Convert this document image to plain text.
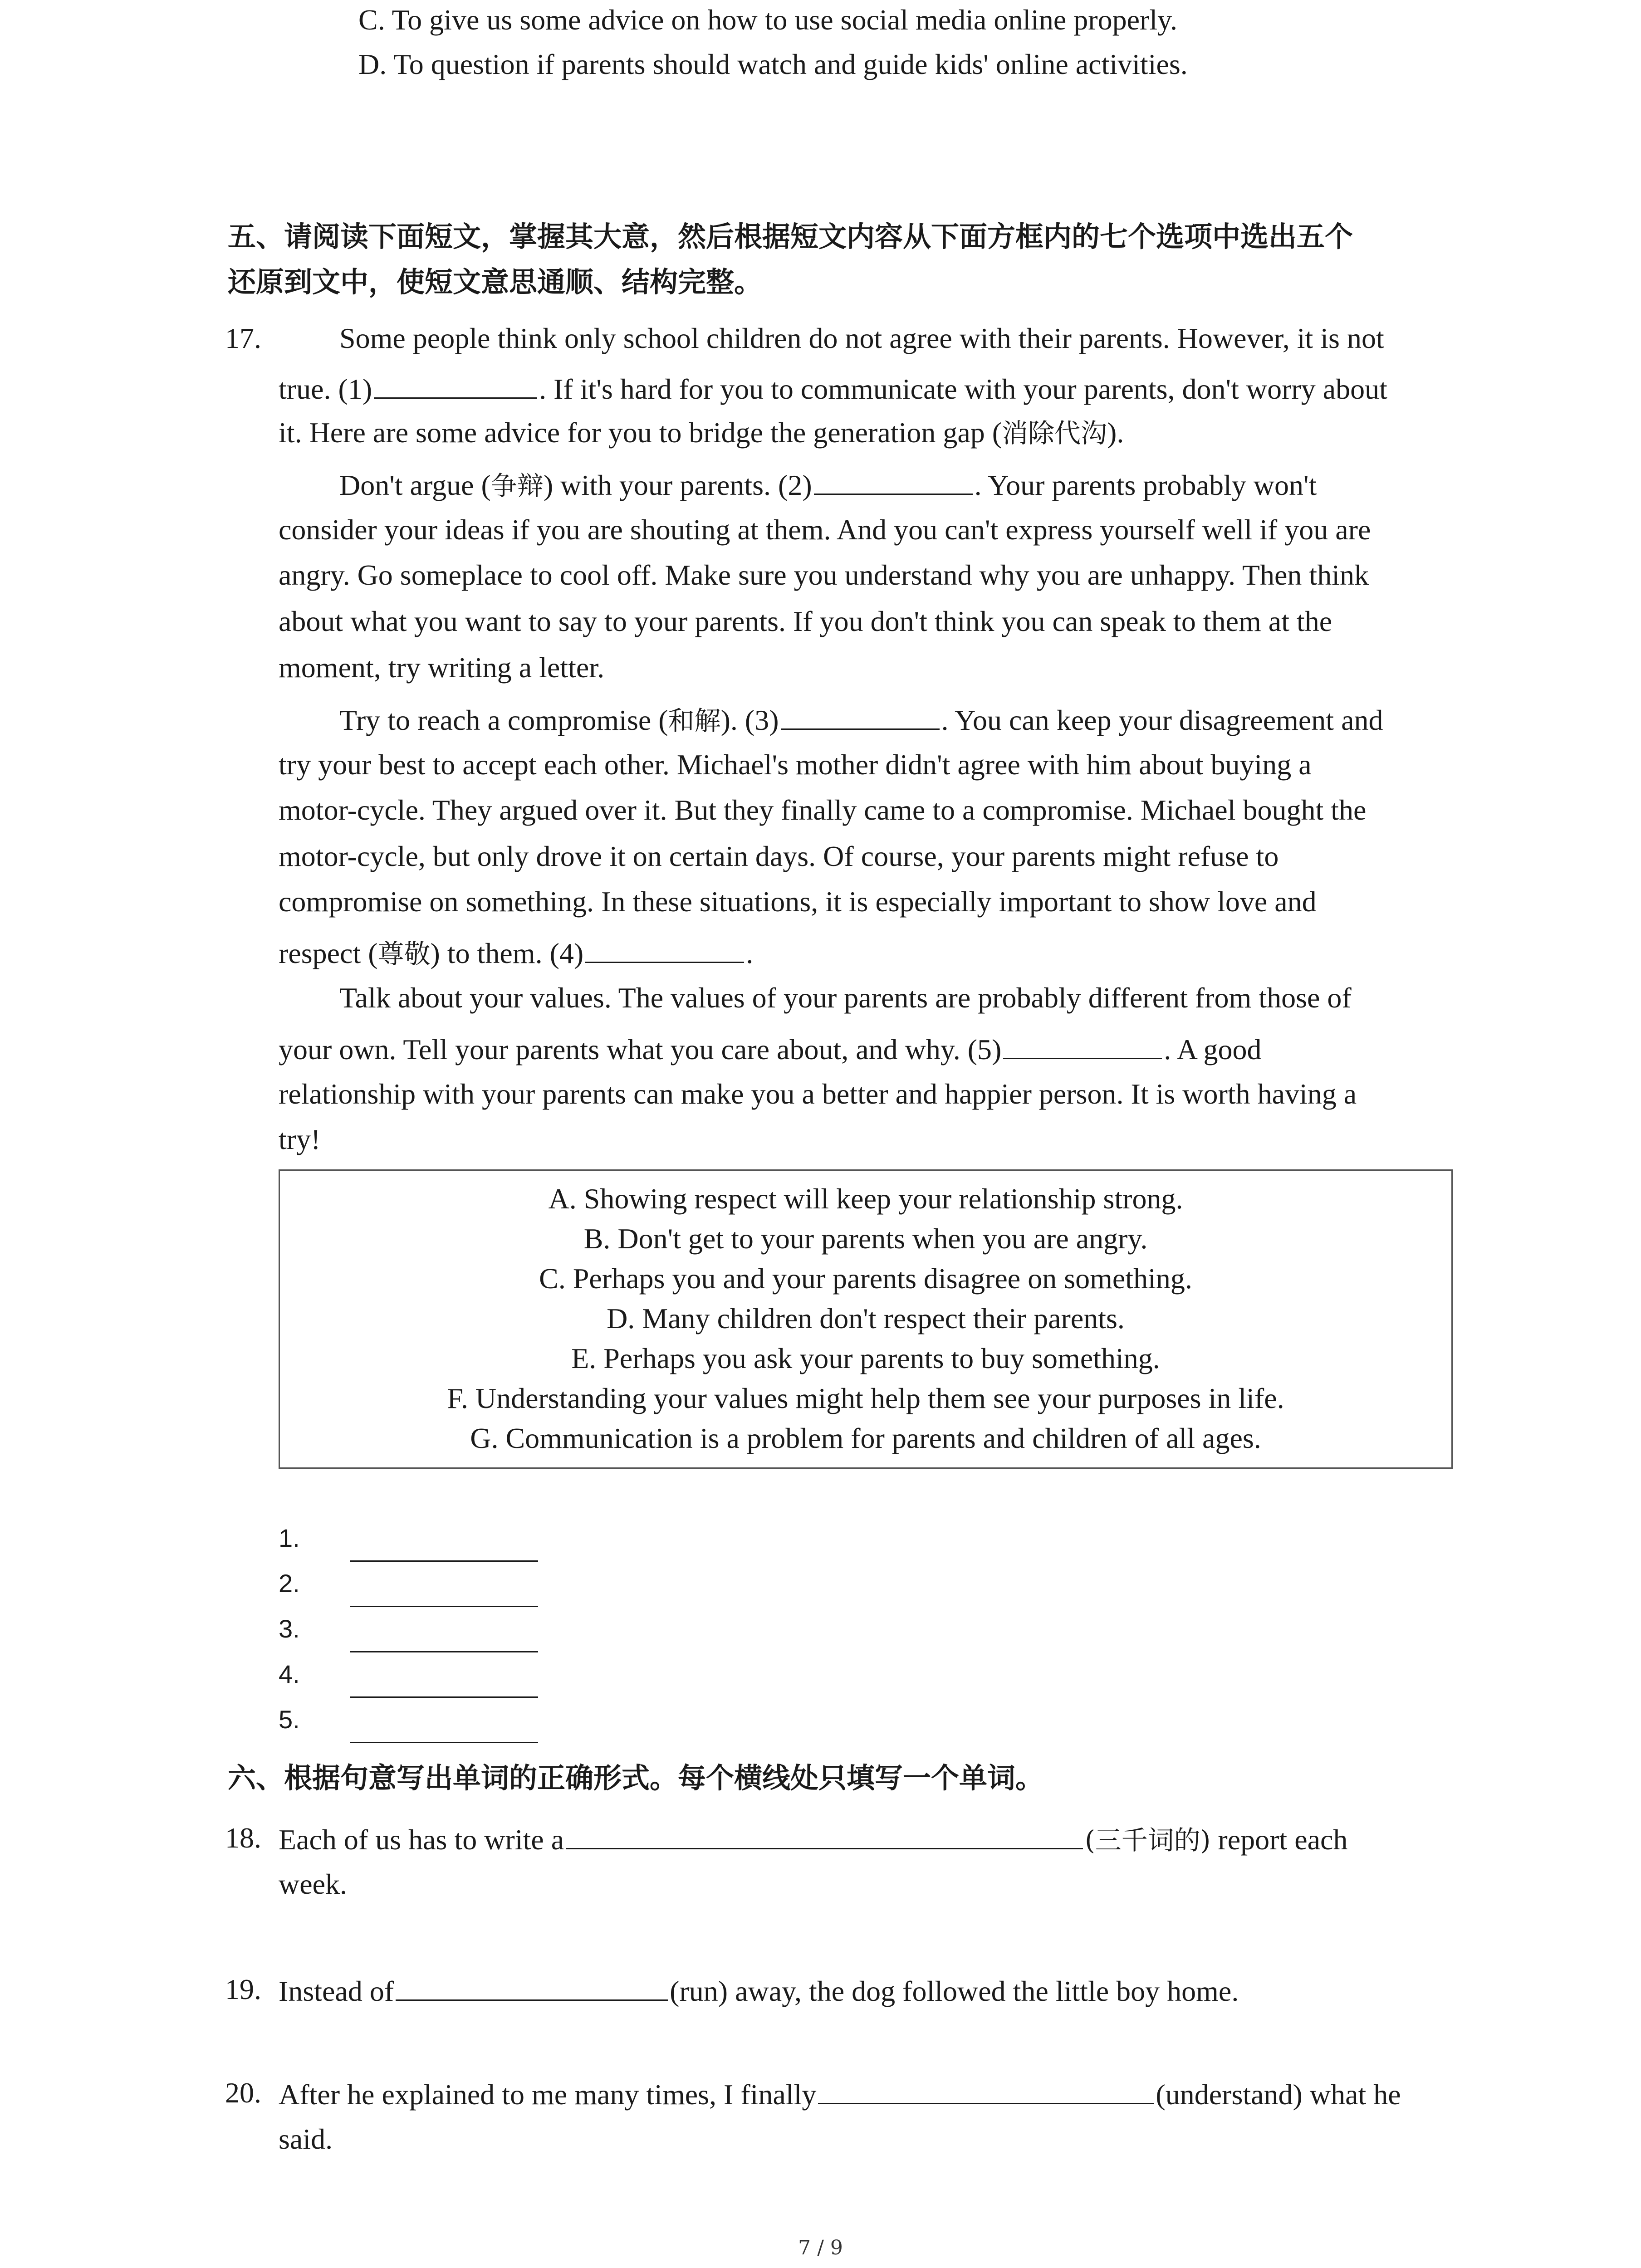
C. To give us some advice on how to use social media online properly.
D. To question if parents should watch and guide kids' online activities.
五、请阅读下面短文，掌握其大意，然后根据短文内容从下面方框内的七个选项中选出五个
还原到文中，使短文意思通顺、结构完整。
17.	Some people think only school children do not agree with their parents. However, it is not
true. (1)	. If it's hard for you to communicate with your parents, don't worry about
it. Here are some advice for you to bridge the generation gap (消除代沟).
Don't argue (争辩) with your parents. (2)	. Your parents probably won't
consider your ideas if you are shouting at them. And you can't express yourself well if you are
angry. Go someplace to cool off. Make sure you understand why you are unhappy. Then think
about what you want to say to your parents. If you don't think you can speak to them at the
moment, try writing a letter.
Try to reach a compromise (和解). (3)	. You can keep your disagreement and
try your best to accept each other. Michael's mother didn't agree with him about buying a
motor-cycle. They argued over it. But they finally came to a compromise. Michael bought the
motor-cycle, but only drove it on certain days. Of course, your parents might refuse to
compromise on something. In these situations, it is especially important to show love and
respect (尊敬) to them. (4)	.
Talk about your values. The values of your parents are probably different from those of
your own. Tell your parents what you care about, and why. (5)	. A good
relationship with your parents can make you a better and happier person. It is worth having a
try!
A. Showing respect will keep your relationship strong.
B. Don't get to your parents when you are angry.
C. Perhaps you and your parents disagree on something.
D. Many children don't respect their parents.
E. Perhaps you ask your parents to buy something.
F. Understanding your values might help them see your purposes in life.
G. Communication is a problem for parents and children of all ages.
1.
2.
3.
4.
5.
六、根据句意写出单词的正确形式。每个横线处只填写一个单词。
18. Each of us has to write a	(三千词的) report each
week.
19. Instead of	(run) away, the dog followed the little boy home.
20. After he explained to me many times, I finally	(understand) what he
said.
7 / 9
